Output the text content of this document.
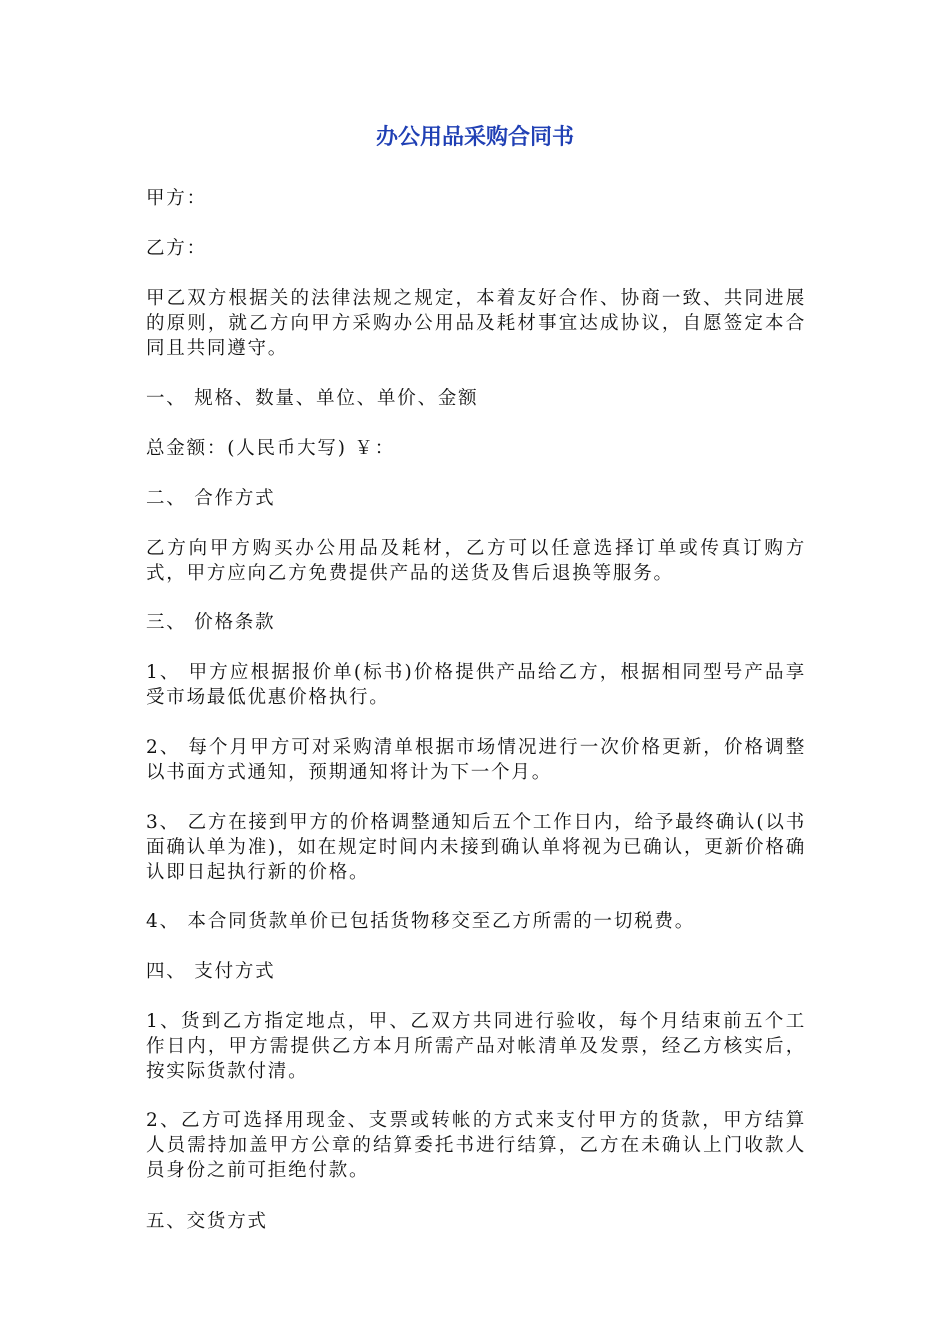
办公用品采购合同书

甲方：

乙方：

甲乙双方根据关的法律法规之规定，本着友好合作、协商一致、共同进展的原则，就乙方向甲方采购办公用品及耗材事宜达成协议，自愿签定本合同且共同遵守。

一、 规格、数量、单位、单价、金额

总金额：(人民币大写) ￥：

二、 合作方式

乙方向甲方购买办公用品及耗材，乙方可以任意选择订单或传真订购方式，甲方应向乙方免费提供产品的送货及售后退换等服务。

三、 价格条款

1、 甲方应根据报价单(标书)价格提供产品给乙方，根据相同型号产品享受市场最低优惠价格执行。

2、 每个月甲方可对采购清单根据市场情况进行一次价格更新，价格调整以书面方式通知，预期通知将计为下一个月。

3、 乙方在接到甲方的价格调整通知后五个工作日内，给予最终确认(以书面确认单为准)，如在规定时间内未接到确认单将视为已确认，更新价格确认即日起执行新的价格。

4、 本合同货款单价已包括货物移交至乙方所需的一切税费。

四、 支付方式

1、货到乙方指定地点，甲、乙双方共同进行验收，每个月结束前五个工作日内，甲方需提供乙方本月所需产品对帐清单及发票，经乙方核实后，按实际货款付清。

2、乙方可选择用现金、支票或转帐的方式来支付甲方的货款，甲方结算人员需持加盖甲方公章的结算委托书进行结算，乙方在未确认上门收款人员身份之前可拒绝付款。

五、交货方式
